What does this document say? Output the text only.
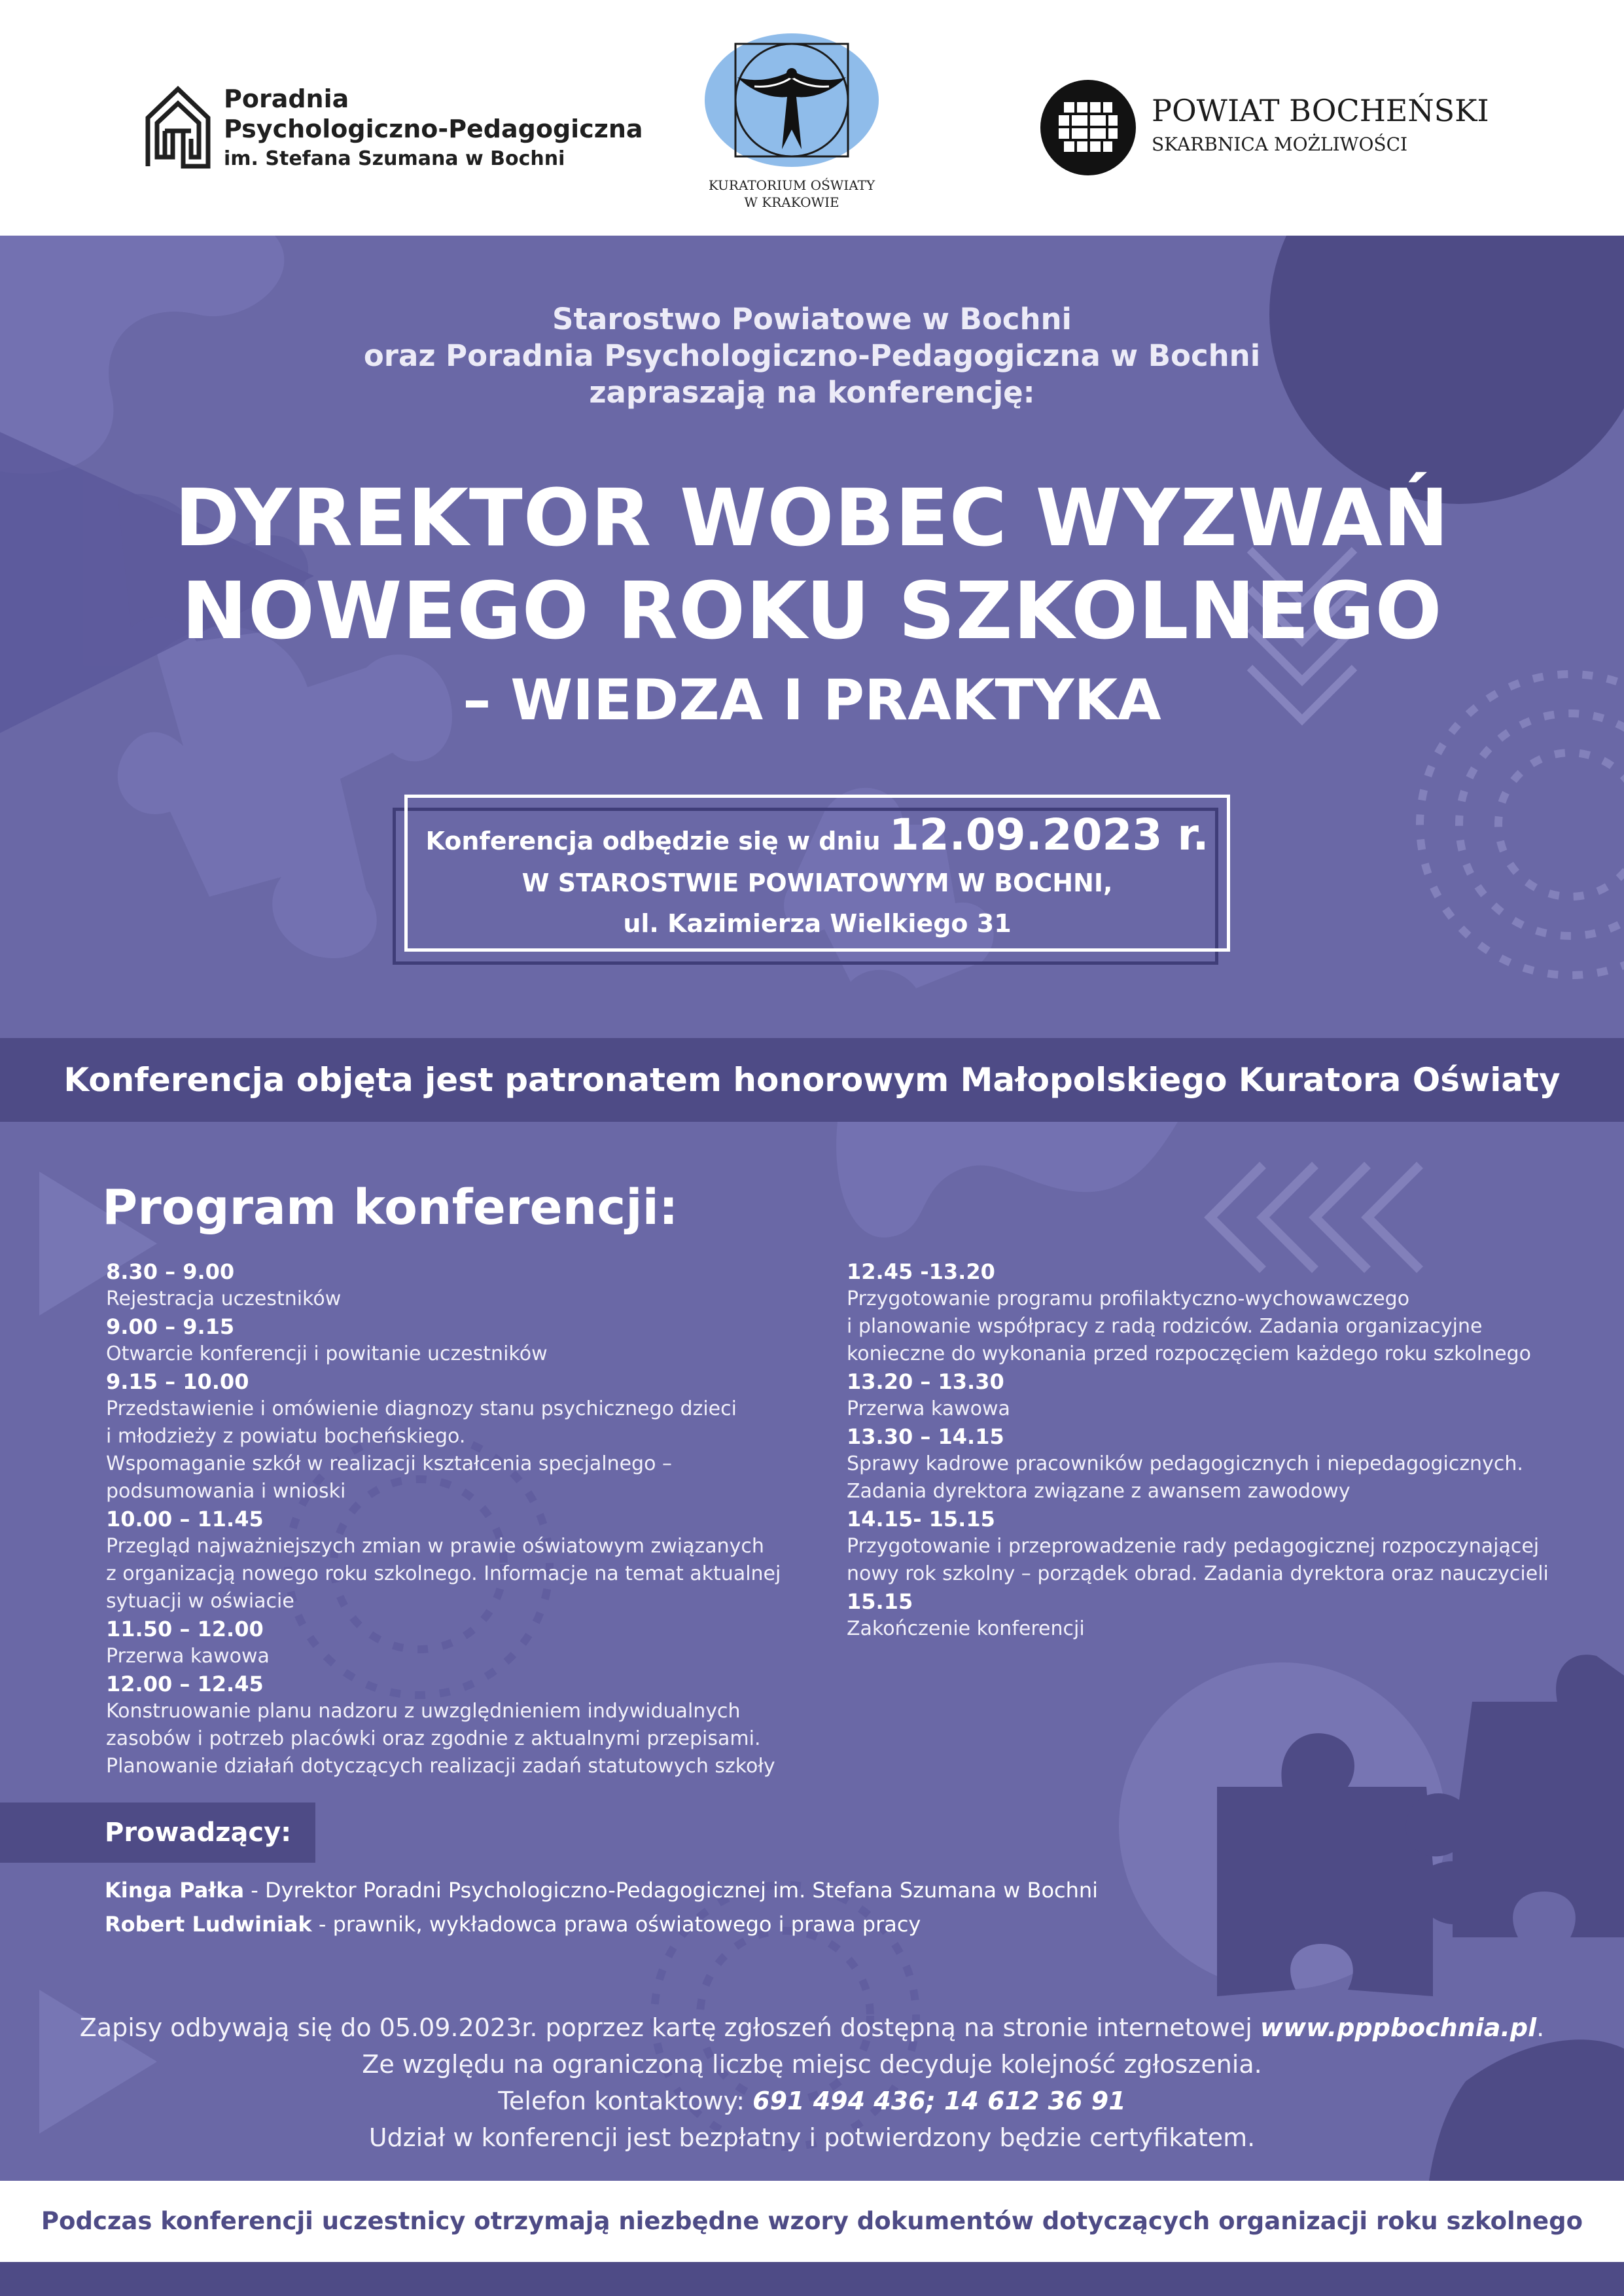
Poradnia
Psychologiczno-Pedagogiczna
im. Stefana Szumana w Bochni
KURATORIUM OŚWIATY
W KRAKOWIE
POWIAT BOCHEŃSKI
SKARBNICA MOŻLIWOŚCI
Starostwo Powiatowe w Bochni
oraz Poradnia Psychologiczno-Pedagogiczna w Bochni
zapraszają na konferencję:
DYREKTOR WOBEC WYZWAŃ
NOWEGO ROKU SZKOLNEGO
– WIEDZA I PRAKTYKA
Konferencja odbędzie się w dniu 12.09.2023 r.
W STAROSTWIE POWIATOWYM W BOCHNI,
ul. Kazimierza Wielkiego 31
Konferencja objęta jest patronatem honorowym Małopolskiego Kuratora Oświaty
Program konferencji:
8.30 – 9.00
Rejestracja uczestników
9.00 – 9.15
Otwarcie konferencji i powitanie uczestników
9.15 – 10.00
Przedstawienie i omówienie diagnozy stanu psychicznego dzieci
i młodzieży z powiatu bocheńskiego.
Wspomaganie szkół w realizacji kształcenia specjalnego –
podsumowania i wnioski
10.00 – 11.45
Przegląd najważniejszych zmian w prawie oświatowym związanych
z organizacją nowego roku szkolnego. Informacje na temat aktualnej
sytuacji w oświacie
11.50 – 12.00
Przerwa kawowa
12.00 – 12.45
Konstruowanie planu nadzoru z uwzględnieniem indywidualnych
zasobów i potrzeb placówki oraz zgodnie z aktualnymi przepisami.
Planowanie działań dotyczących realizacji zadań statutowych szkoły
12.45 -13.20
Przygotowanie programu profilaktyczno-wychowawczego
i planowanie współpracy z radą rodziców. Zadania organizacyjne
konieczne do wykonania przed rozpoczęciem każdego roku szkolnego
13.20 – 13.30
Przerwa kawowa
13.30 – 14.15
Sprawy kadrowe pracowników pedagogicznych i niepedagogicznych.
Zadania dyrektora związane z awansem zawodowy
14.15- 15.15
Przygotowanie i przeprowadzenie rady pedagogicznej rozpoczynającej
nowy rok szkolny – porządek obrad. Zadania dyrektora oraz nauczycieli
15.15
Zakończenie konferencji
Prowadzący:
Kinga Pałka - Dyrektor Poradni Psychologiczno-Pedagogicznej im. Stefana Szumana w Bochni
Robert Ludwiniak - prawnik, wykładowca prawa oświatowego i prawa pracy
Zapisy odbywają się do 05.09.2023r. poprzez kartę zgłoszeń dostępną na stronie internetowej www.pppbochnia.pl.
Ze względu na ograniczoną liczbę miejsc decyduje kolejność zgłoszenia.
Telefon kontaktowy: 691 494 436; 14 612 36 91
Udział w konferencji jest bezpłatny i potwierdzony będzie certyfikatem.
Podczas konferencji uczestnicy otrzymają niezbędne wzory dokumentów dotyczących organizacji roku szkolnego
